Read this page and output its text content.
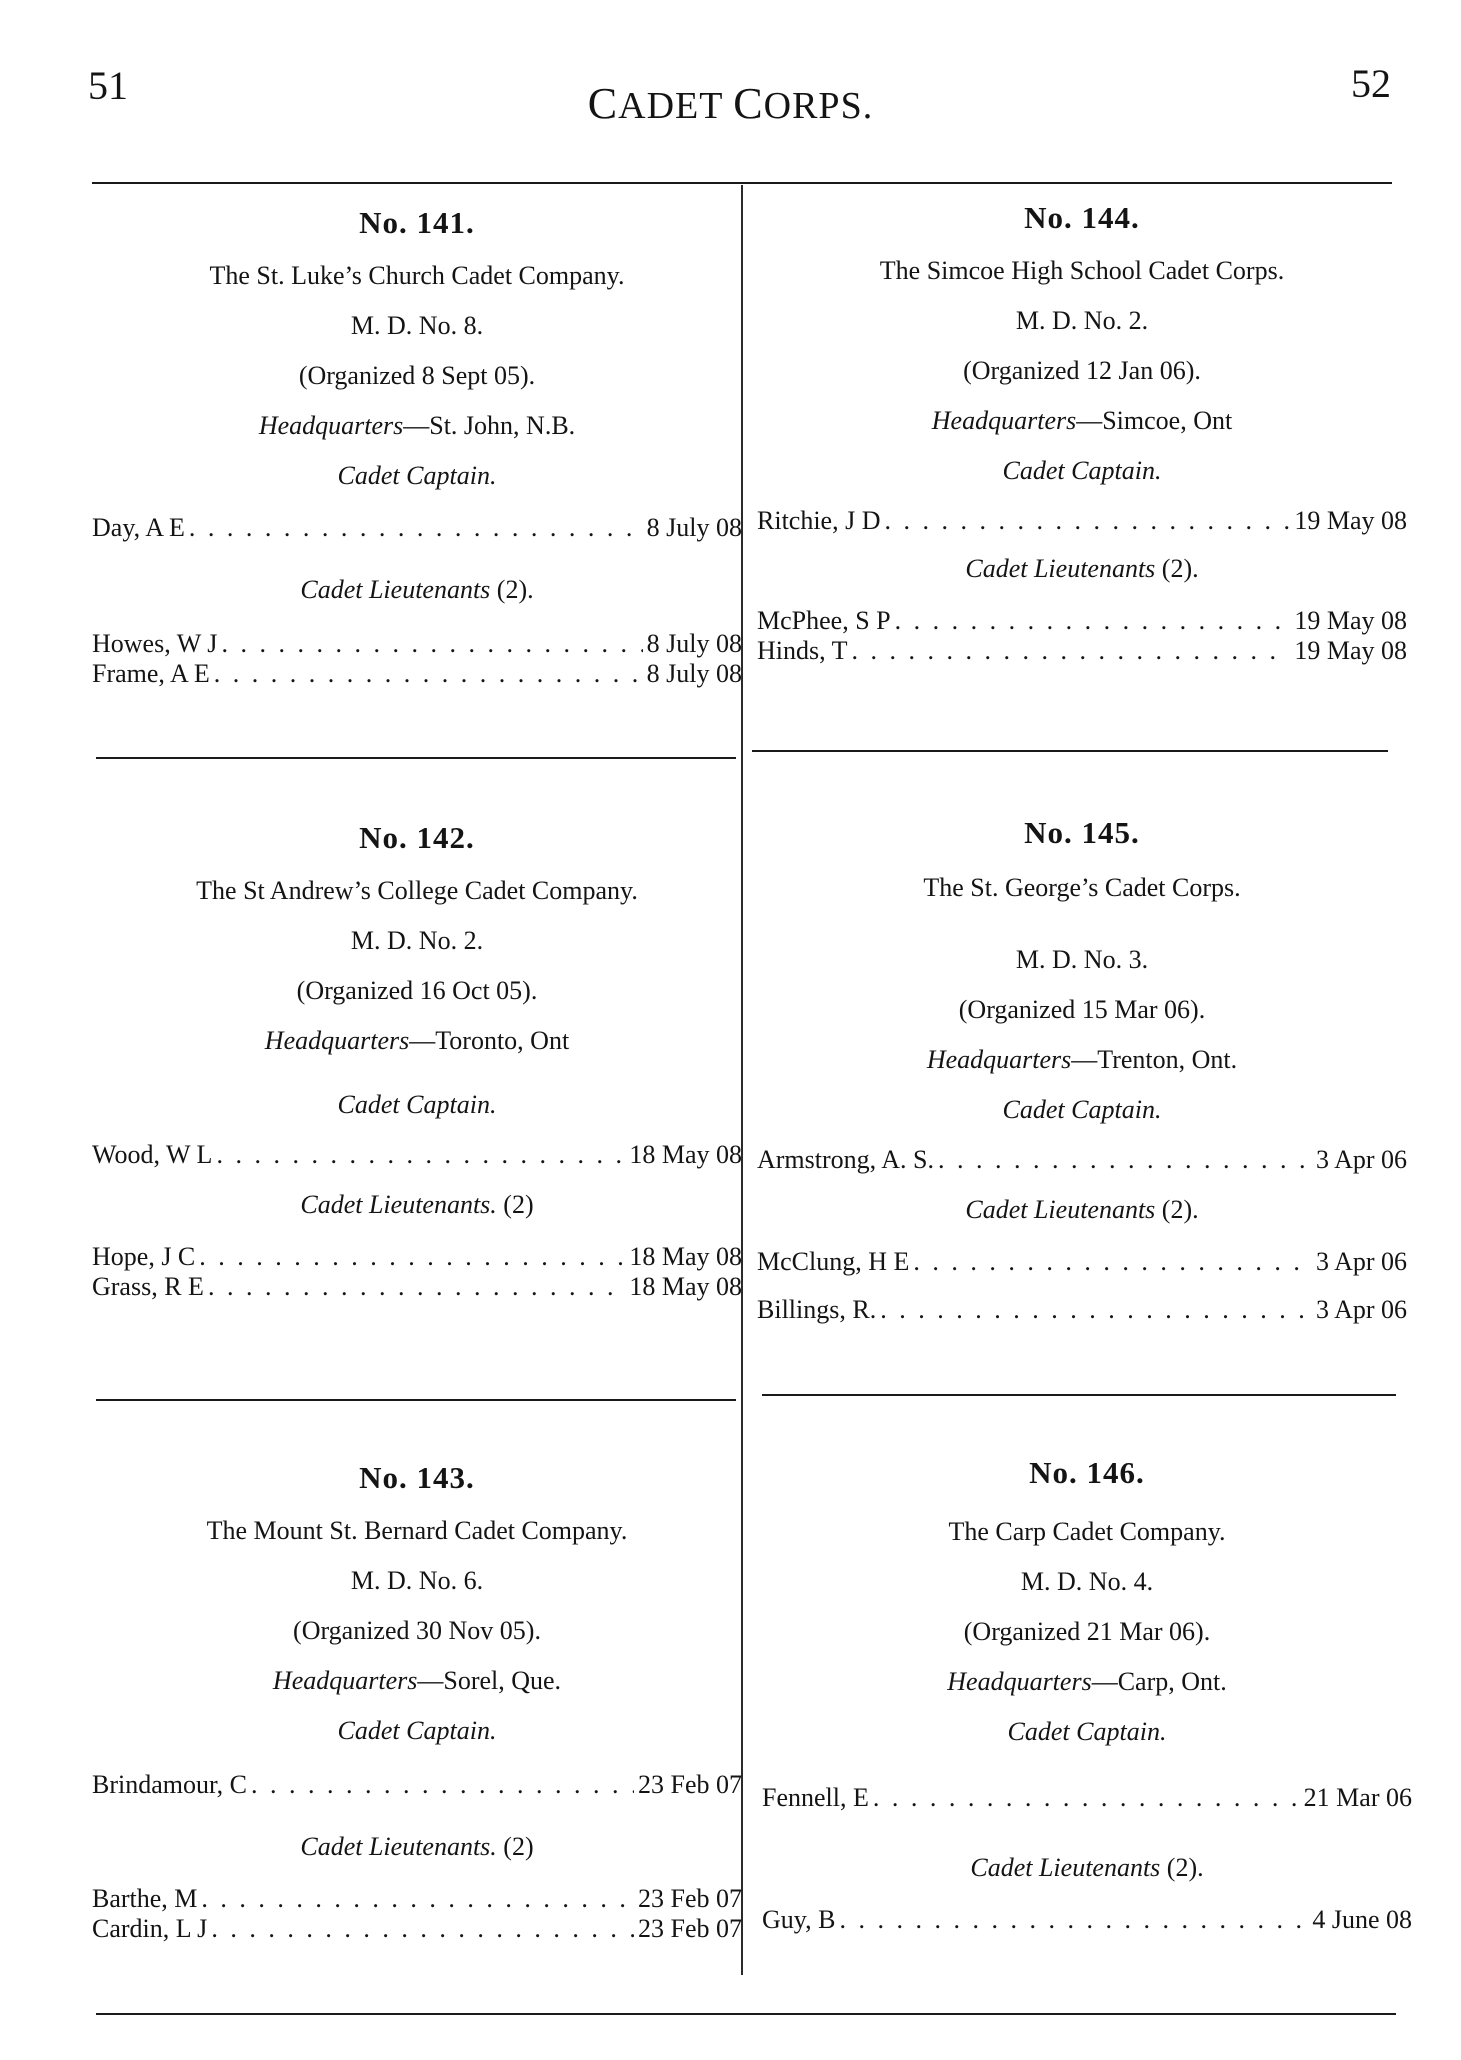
51	CADET CORPS.	52
No. 141.
The St. Luke’s Church Cadet Company.
M. D. No. 8.
(Organized 8 Sept 05).
Headquarters—St. John, N.B.
Cadet Captain.
Day, A E . . .	8 July 08
Cadet Lieutenants (2).
Howes, W J . . .	8 July 08
Frame, A E . . .	8 July 08
No. 142.
The St Andrew’s College Cadet Company.
M. D. No. 2.
(Organized 16 Oct 05).
Headquarters—Toronto, Ont
Cadet Captain.
Wood, W L . . .	18 May 08
Cadet Lieutenants. (2)
Hope, J C . . .	18 May 08
Grass, R E . . .	18 May 08
No. 143.
The Mount St. Bernard Cadet Company.
M. D. No. 6.
(Organized 30 Nov 05).
Headquarters—Sorel, Que.
Cadet Captain.
Brindamour, C . . .	23 Feb 07
Cadet Lieutenants. (2)
Barthe, M . . .	23 Feb 07
Cardin, L J . . .	23 Feb 07
No. 144.
The Simcoe High School Cadet Corps.
M. D. No. 2.
(Organized 12 Jan 06).
Headquarters—Simcoe, Ont
Cadet Captain.
Ritchie, J D . . .	19 May 08
Cadet Lieutenants (2).
McPhee, S P . . .	19 May 08
Hinds, T . . .	19 May 08
No. 145.
The St. George’s Cadet Corps.
M. D. No. 3.
(Organized 15 Mar 06).
Headquarters—Trenton, Ont.
Cadet Captain.
Armstrong, A. S. . . .	3 Apr 06
Cadet Lieutenants (2).
McClung, H E . . .	3 Apr 06
Billings, R. . . .	3 Apr 06
No. 146.
The Carp Cadet Company.
M. D. No. 4.
(Organized 21 Mar 06).
Headquarters—Carp, Ont.
Cadet Captain.
Fennell, E . . .	21 Mar 06
Cadet Lieutenants (2).
Guy, B . . .	4 June 08
